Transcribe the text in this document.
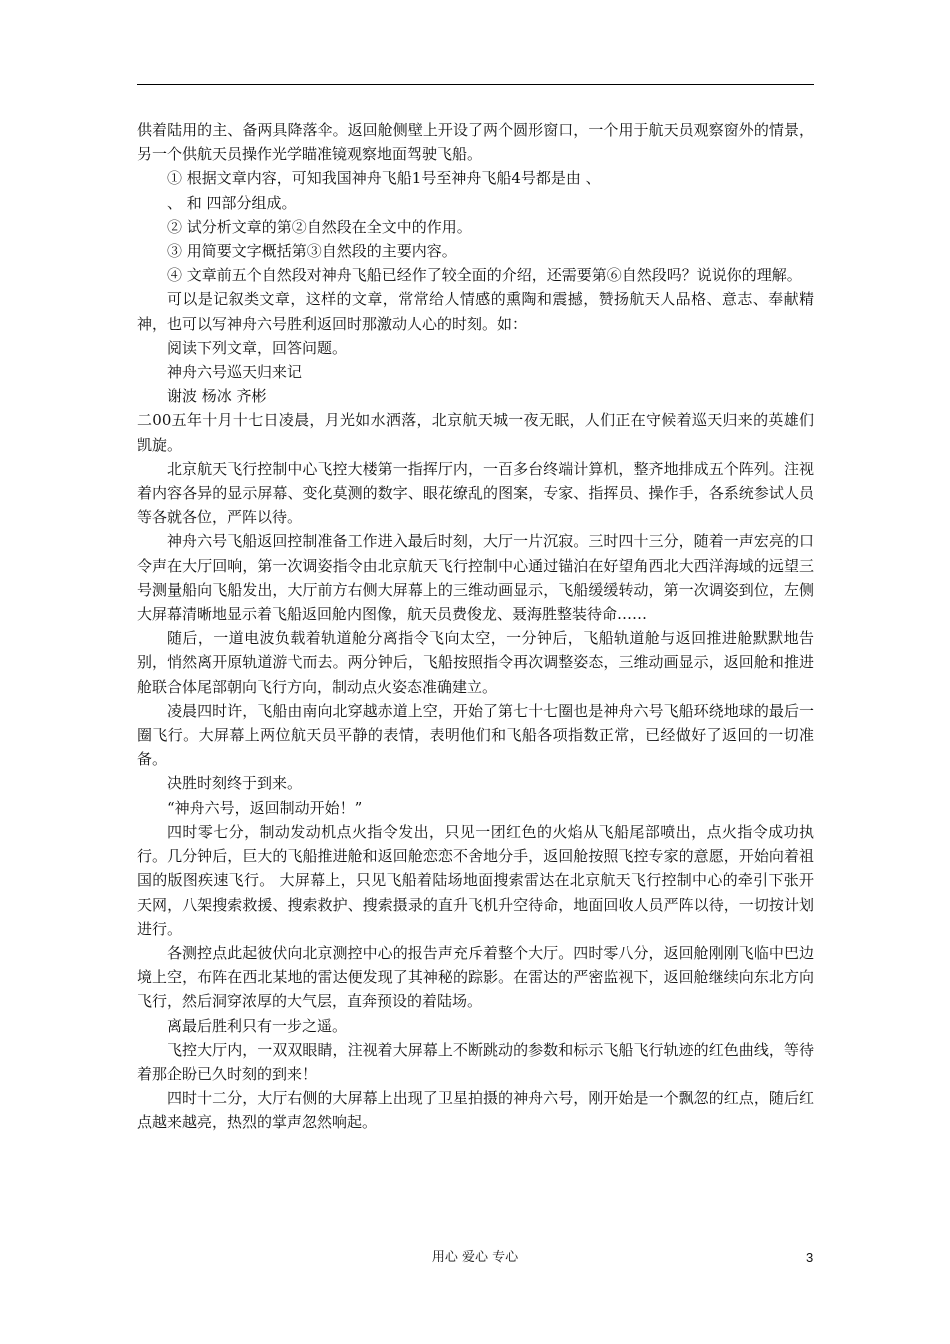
供着陆用的主、备两具降落伞。返回舱侧壁上开设了两个圆形窗口，一个用于航天员观察窗外的情景，另一个供航天员操作光学瞄准镜观察地面驾驶飞船。

① 根据文章内容，可知我国神舟飞船1号至神舟飞船4号都是由 、

、 和 四部分组成。

② 试分析文章的第②自然段在全文中的作用。

③ 用简要文字概括第③自然段的主要内容。

④ 文章前五个自然段对神舟飞船已经作了较全面的介绍，还需要第⑥自然段吗？说说你的理解。

可以是记叙类文章，这样的文章，常常给人情感的熏陶和震撼，赞扬航天人品格、意志、奉献精神，也可以写神舟六号胜利返回时那激动人心的时刻。如：

阅读下列文章，回答问题。

神舟六号巡天归来记

谢波 杨冰 齐彬

二00五年十月十七日凌晨，月光如水洒落，北京航天城一夜无眠，人们正在守候着巡天归来的英雄们凯旋。

北京航天飞行控制中心飞控大楼第一指挥厅内，一百多台终端计算机，整齐地排成五个阵列。注视着内容各异的显示屏幕、变化莫测的数字、眼花缭乱的图案，专家、指挥员、操作手，各系统参试人员等各就各位，严阵以待。

神舟六号飞船返回控制准备工作进入最后时刻，大厅一片沉寂。三时四十三分，随着一声宏亮的口令声在大厅回响，第一次调姿指令由北京航天飞行控制中心通过锚泊在好望角西北大西洋海域的远望三号测量船向飞船发出，大厅前方右侧大屏幕上的三维动画显示，飞船缓缓转动，第一次调姿到位，左侧大屏幕清晰地显示着飞船返回舱内图像，航天员费俊龙、聂海胜整装待命……

随后，一道电波负载着轨道舱分离指令飞向太空，一分钟后，飞船轨道舱与返回推进舱默默地告别，悄然离开原轨道游弋而去。两分钟后，飞船按照指令再次调整姿态，三维动画显示，返回舱和推进舱联合体尾部朝向飞行方向，制动点火姿态准确建立。

凌晨四时许，飞船由南向北穿越赤道上空，开始了第七十七圈也是神舟六号飞船环绕地球的最后一圈飞行。大屏幕上两位航天员平静的表情，表明他们和飞船各项指数正常，已经做好了返回的一切准备。

决胜时刻终于到来。

“神舟六号，返回制动开始！”

四时零七分，制动发动机点火指令发出，只见一团红色的火焰从飞船尾部喷出，点火指令成功执行。几分钟后，巨大的飞船推进舱和返回舱恋恋不舍地分手，返回舱按照飞控专家的意愿，开始向着祖国的版图疾速飞行。 大屏幕上，只见飞船着陆场地面搜索雷达在北京航天飞行控制中心的牵引下张开天网，八架搜索救援、搜索救护、搜索摄录的直升飞机升空待命，地面回收人员严阵以待，一切按计划进行。

各测控点此起彼伏向北京测控中心的报告声充斥着整个大厅。四时零八分，返回舱刚刚飞临中巴边境上空，布阵在西北某地的雷达便发现了其神秘的踪影。在雷达的严密监视下，返回舱继续向东北方向飞行，然后洞穿浓厚的大气层，直奔预设的着陆场。

离最后胜利只有一步之遥。

飞控大厅内，一双双眼睛，注视着大屏幕上不断跳动的参数和标示飞船飞行轨迹的红色曲线，等待着那企盼已久时刻的到来！

四时十二分，大厅右侧的大屏幕上出现了卫星拍摄的神舟六号，刚开始是一个飘忽的红点，随后红点越来越亮，热烈的掌声忽然响起。

用心 爱心 专心	3
